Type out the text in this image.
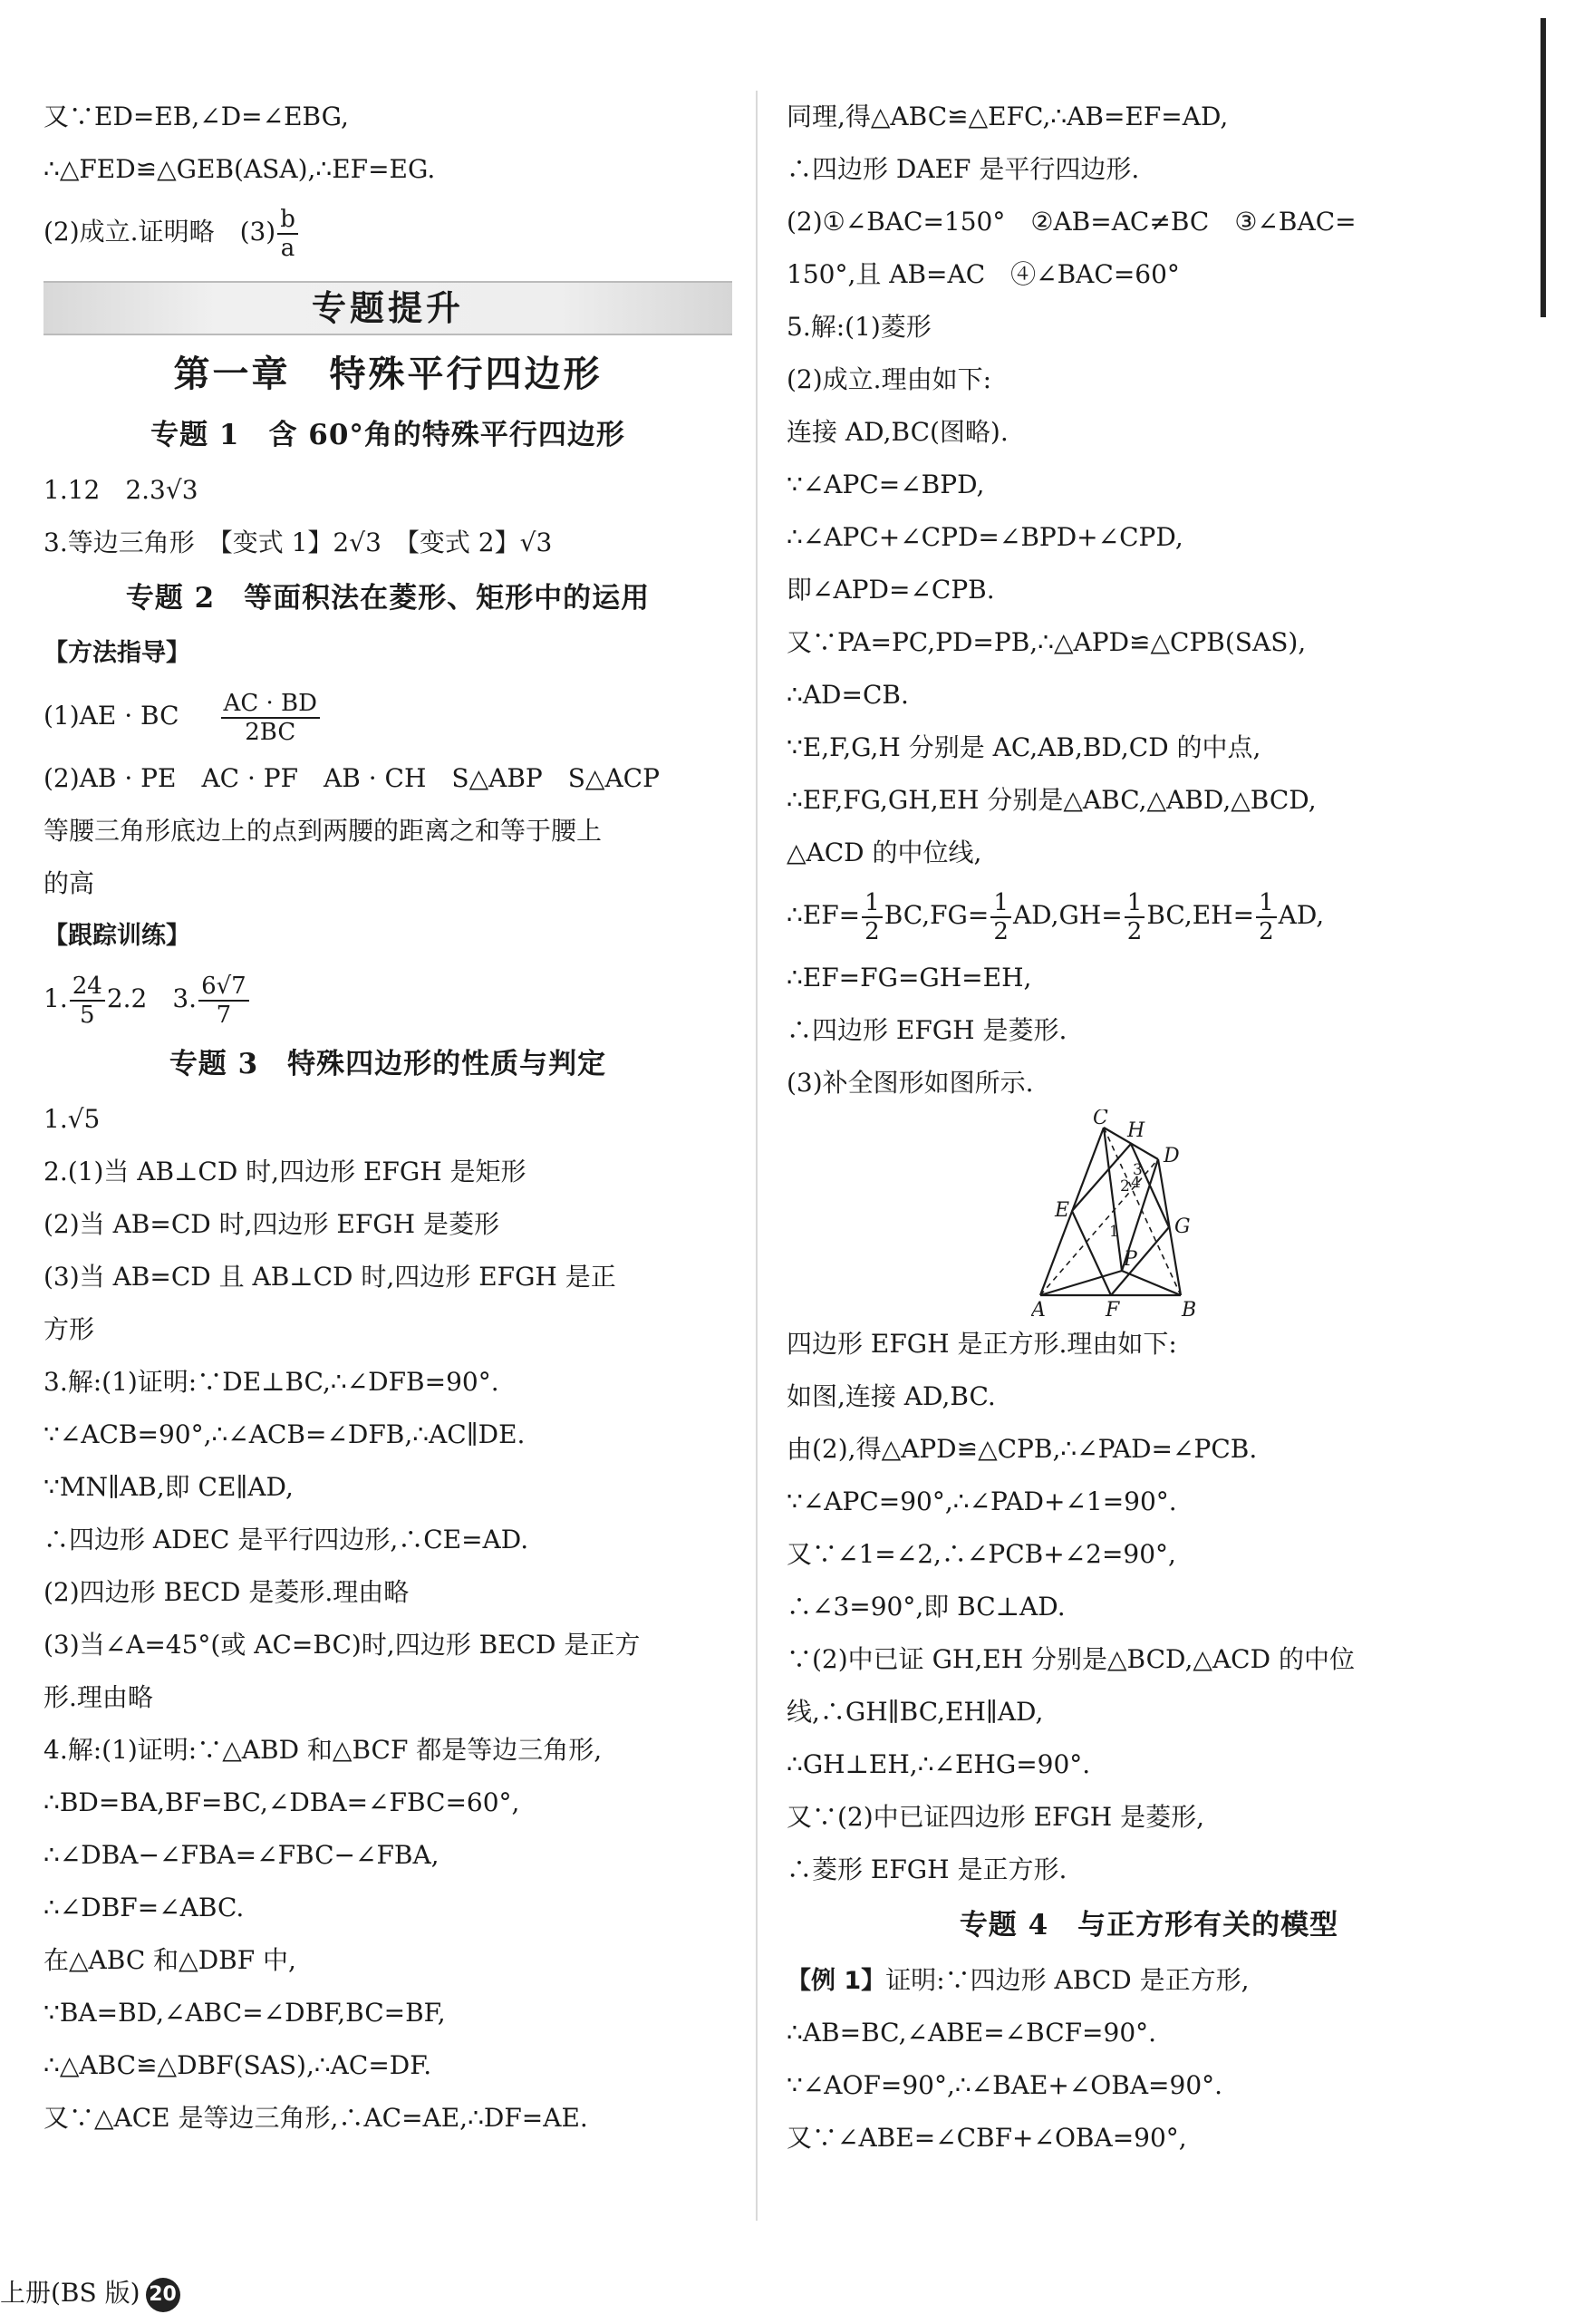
又∵ED=EB,∠D=∠EBG,
∴△FED≌△GEB(ASA),∴EF=EG.
(2)成立.证明略　$(3) \frac{b}{a}$
专题提升
第一章　特殊平行四边形
专题 1　含 60°角的特殊平行四边形
1.12　2.3√3
3.等边三角形　【变式 1】2√3　【变式 2】√3
专题 2　等面积法在菱形、矩形中的运用
【方法指导】
(1)AE · BC $\frac{AC \cdot BD}{2BC}$
(2)AB · PE　AC · PF　AB · CH　S△ABP　S△ACP
等腰三角形底边上的点到两腰的距离之和等于腰上
的高
【跟踪训练】
1. $\frac{24}{5} 2.2$　3. $\frac{6√7}{7}$
专题 3　特殊四边形的性质与判定
1.√5
2.(1)当 AB⊥CD 时,四边形 EFGH 是矩形
(2)当 AB=CD 时,四边形 EFGH 是菱形
(3)当 AB=CD 且 AB⊥CD 时,四边形 EFGH 是正
方形
3.解:(1)证明:∵DE⊥BC,∴∠DFB=90°.
∵∠ACB=90°,∴∠ACB=∠DFB,∴AC∥DE.
∵MN∥AB,即 CE∥AD,
∴四边形 ADEC 是平行四边形,∴CE=AD.
(2)四边形 BECD 是菱形.理由略
(3)当∠A=45°(或 AC=BC)时,四边形 BECD 是正方
形.理由略
4.解:(1)证明:∵△ABD 和△BCF 都是等边三角形,
∴BD=BA,BF=BC,∠DBA=∠FBC=60°,
∴∠DBA−∠FBA=∠FBC−∠FBA,
∴∠DBF=∠ABC.
在△ABC 和△DBF 中,
∵BA=BD,∠ABC=∠DBF,BC=BF,
∴△ABC≌△DBF(SAS),∴AC=DF.
又∵△ACE 是等边三角形,∴AC=AE,∴DF=AE.
同理,得△ABC≌△EFC,∴AB=EF=AD,
∴四边形 DAEF 是平行四边形.
(2)①∠BAC=150°　②AB=AC≠BC　③∠BAC=
150°,且 AB=AC　④∠BAC=60°
5.解:(1)菱形
(2)成立.理由如下:
连接 AD,BC(图略).
∵∠APC=∠BPD,
∴∠APC+∠CPD=∠BPD+∠CPD,
即∠APD=∠CPB.
又∵PA=PC,PD=PB,∴△APD≌△CPB(SAS),
∴AD=CB.
∵E,F,G,H 分别是 AC,AB,BD,CD 的中点,
∴EF,FG,GH,EH 分别是△ABC,△ABD,△BCD,
△ACD 的中位线,
∴EF= $\frac{1}{2} BC,FG= \frac{1}{2} AD,GH= \frac{1}{2} BC,EH= \frac{1}{2}$ AD,
∴EF=FG=GH=EH,
∴四边形 EFGH 是菱形.
(3)补全图形如图所示.
C
H
D
E
G
A	F	B
P
1
2
3
4
四边形 EFGH 是正方形.理由如下:
如图,连接 AD,BC.
由(2),得△APD≌△CPB,∴∠PAD=∠PCB.
∵∠APC=90°,∴∠PAD+∠1=90°.
又∵∠1=∠2,∴∠PCB+∠2=90°,
∴∠3=90°,即 BC⊥AD.
∵(2)中已证 GH,EH 分别是△BCD,△ACD 的中位
线,∴GH∥BC,EH∥AD,
∴GH⊥EH,∴∠EHG=90°.
又∵(2)中已证四边形 EFGH 是菱形,
∴菱形 EFGH 是正方形.
专题 4　与正方形有关的模型
【例 1】证明:∵四边形 ABCD 是正方形,
∴AB=BC,∠ABE=∠BCF=90°.
∵∠AOF=90°,∴∠BAE+∠OBA=90°.
又∵∠ABE=∠CBF+∠OBA=90°,
上册(BS 版) 20
